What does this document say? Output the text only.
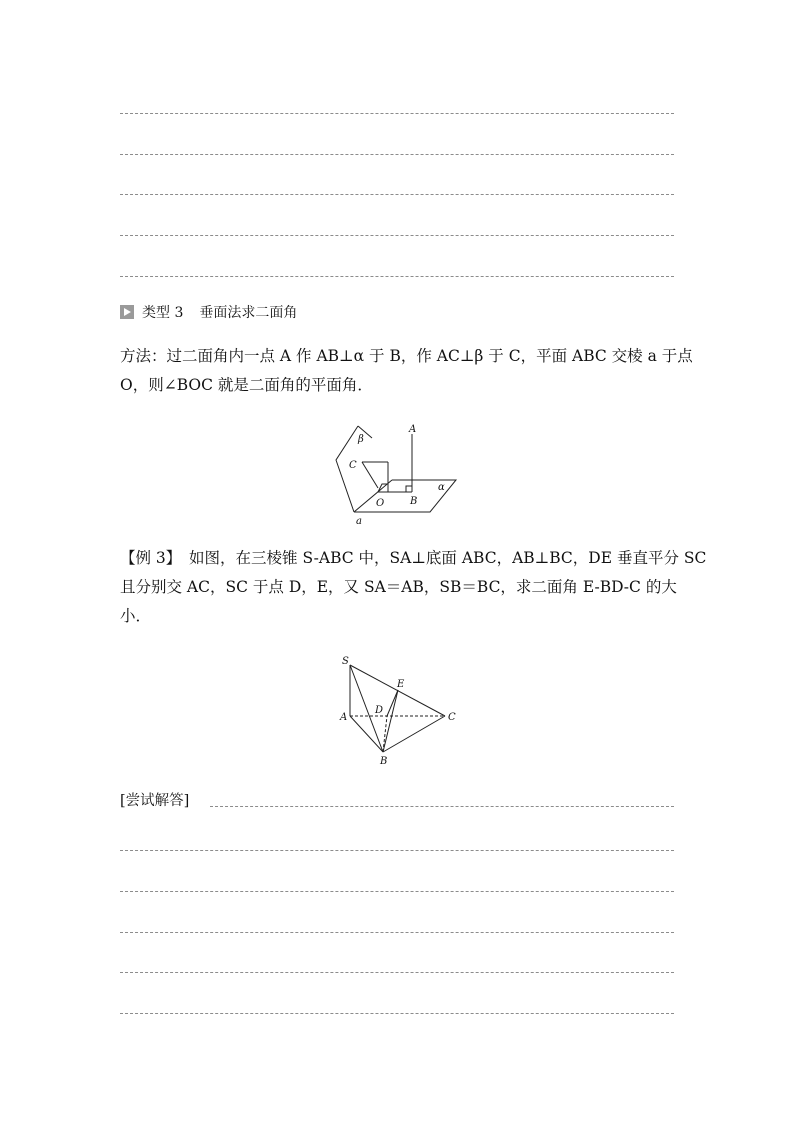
类型 3 垂面法求二面角
方法：过二面角内一点 A 作 AB⊥α 于 B，作 AC⊥β 于 C，平面 ABC 交棱 a 于点
O，则∠BOC 就是二面角的平面角．
β
A
C
α
O	B
a
【例 3】　如图，在三棱锥 S-ABC 中，SA⊥底面 ABC，AB⊥BC，DE 垂直平分 SC
且分别交 AC，SC 于点 D，E，又 SA＝AB，SB＝BC，求二面角 E-BD-C 的大
小．
S
E
A
D
C
B
[尝试解答]
